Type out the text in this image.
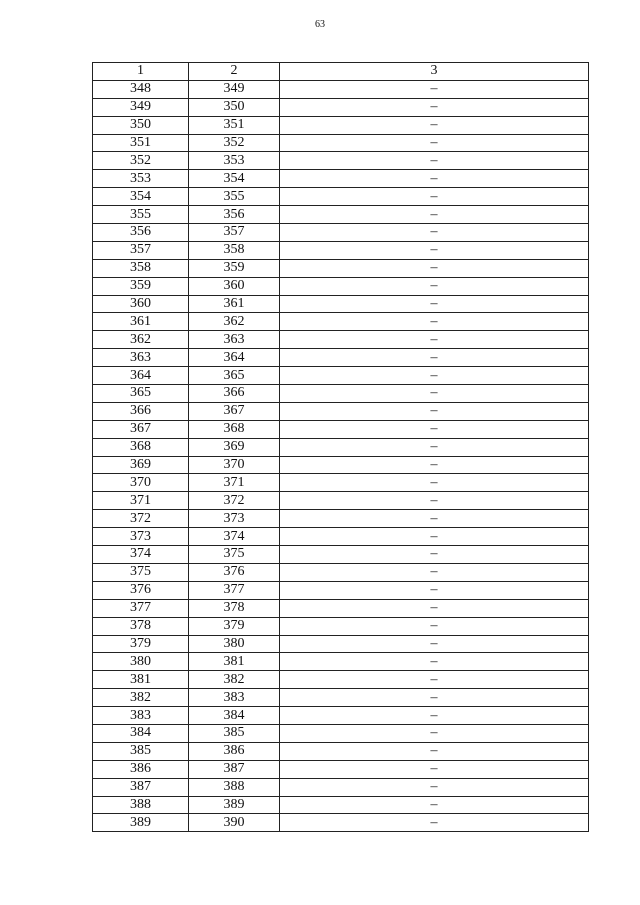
63
1	2	3
348	349	–
349	350	–
350	351	–
351	352	–
352	353	–
353	354	–
354	355	–
355	356	–
356	357	–
357	358	–
358	359	–
359	360	–
360	361	–
361	362	–
362	363	–
363	364	–
364	365	–
365	366	–
366	367	–
367	368	–
368	369	–
369	370	–
370	371	–
371	372	–
372	373	–
373	374	–
374	375	–
375	376	–
376	377	–
377	378	–
378	379	–
379	380	–
380	381	–
381	382	–
382	383	–
383	384	–
384	385	–
385	386	–
386	387	–
387	388	–
388	389	–
389	390	–
